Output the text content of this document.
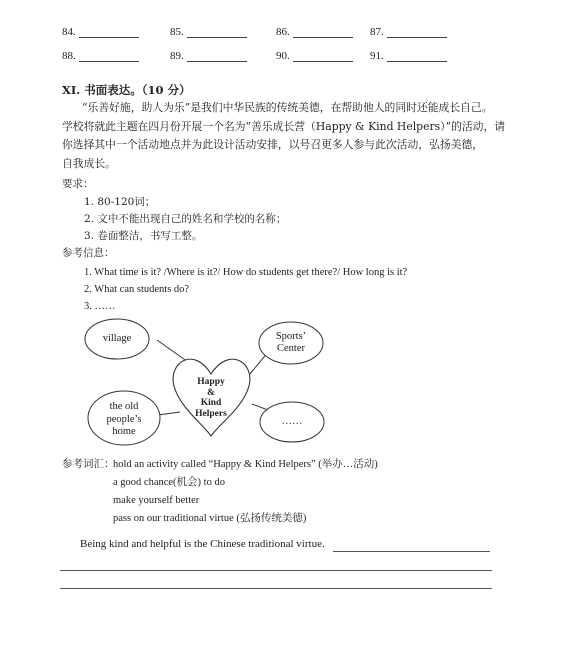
84.	85.	86.	87.
88.	89.	90.	91.
XI. 书面表达。（10 分）
“乐善好施，助人为乐”是我们中华民族的传统美德，在帮助他人的同时还能成长自己。
学校将就此主题在四月份开展一个名为“善乐成长营（Happy & Kind Helpers）”的活动，请
你选择其中一个活动地点并为此设计活动安排，以号召更多人参与此次活动，弘扬美德，
自我成长。
要求：
1. 80-120词；
2. 文中不能出现自己的姓名和学校的名称；
3. 卷面整洁，书写工整。
参考信息：
1. What time is it? /Where is it?/ How do students get there?/ How long is it?
2. What can students do?
3. ……
Happy
&
Kind
Helpers
village	Sports’
Center
the old
people’s
home
……
参考词汇：
hold an activity called “Happy & Kind Helpers” (举办…活动)
a good chance(机会) to do
make yourself better
pass on our traditional virtue (弘扬传统美德)
Being kind and helpful is the Chinese traditional virtue.
